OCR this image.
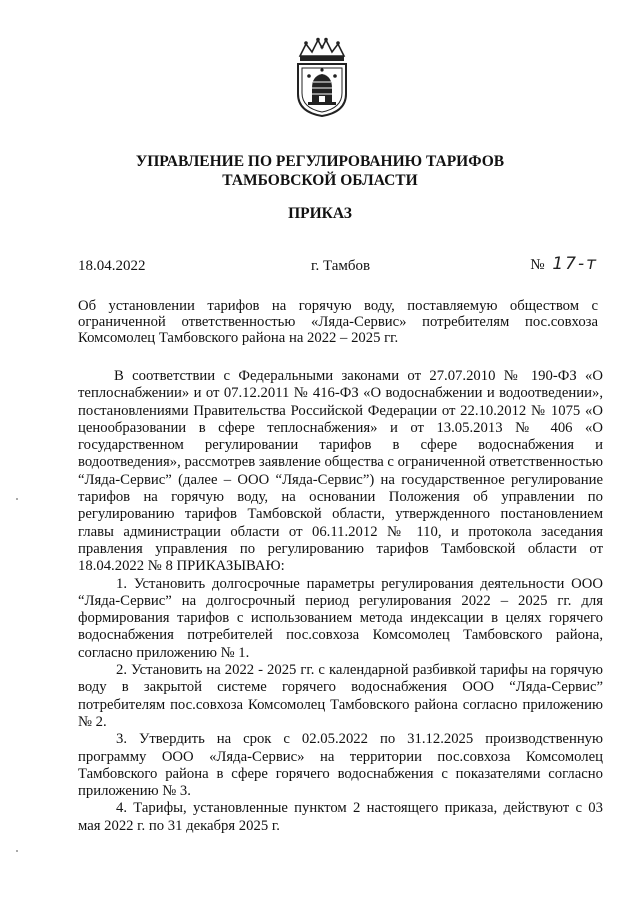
УПРАВЛЕНИЕ ПО РЕГУЛИРОВАНИЮ ТАРИФОВ
ТАМБОВСКОЙ ОБЛАСТИ
ПРИКАЗ
18.04.2022	г. Тамбов	№ 17-т
Об установлении тарифов на горячую воду, поставляемую обществом с ограниченной ответственностью «Ляда-Сервис» потребителям пос.совхоза Комсомолец Тамбовского района на 2022 – 2025 гг.

В соответствии с Федеральными законами от 27.07.2010 № 190-ФЗ «О теплоснабжении» и от 07.12.2011 № 416-ФЗ «О водоснабжении и водоотведении», постановлениями Правительства Российской Федерации от 22.10.2012 № 1075 «О ценообразовании в сфере теплоснабжения» и от 13.05.2013 № 406 «О государственном регулировании тарифов в сфере водоснабжения и водоотведения», рассмотрев заявление общества с ограниченной ответственностью “Ляда-Сервис” (далее – ООО “Ляда-Сервис”) на государственное регулирование тарифов на горячую воду, на основании Положения об управлении по регулированию тарифов Тамбовской области, утвержденного постановлением главы администрации области от 06.11.2012 № 110, и протокола заседания правления управления по регулированию тарифов Тамбовской области от 18.04.2022 № 8 ПРИКАЗЫВАЮ:

1. Установить долгосрочные параметры регулирования деятельности ООО “Ляда-Сервис” на долгосрочный период регулирования 2022 – 2025 гг. для формирования тарифов с использованием метода индексации в целях горячего водоснабжения потребителей пос.совхоза Комсомолец Тамбовского района, согласно приложению № 1.

2. Установить на 2022 - 2025 гг. с календарной разбивкой тарифы на горячую воду в закрытой системе горячего водоснабжения ООО “Ляда-Сервис” потребителям пос.совхоза Комсомолец Тамбовского района согласно приложению № 2.

3. Утвердить на срок с 02.05.2022 по 31.12.2025 производственную программу ООО «Ляда-Сервис» на территории пос.совхоза Комсомолец Тамбовского района в сфере горячего водоснабжения с показателями согласно приложению № 3.

4. Тарифы, установленные пунктом 2 настоящего приказа, действуют с 03 мая 2022 г. по 31 декабря 2025 г.
